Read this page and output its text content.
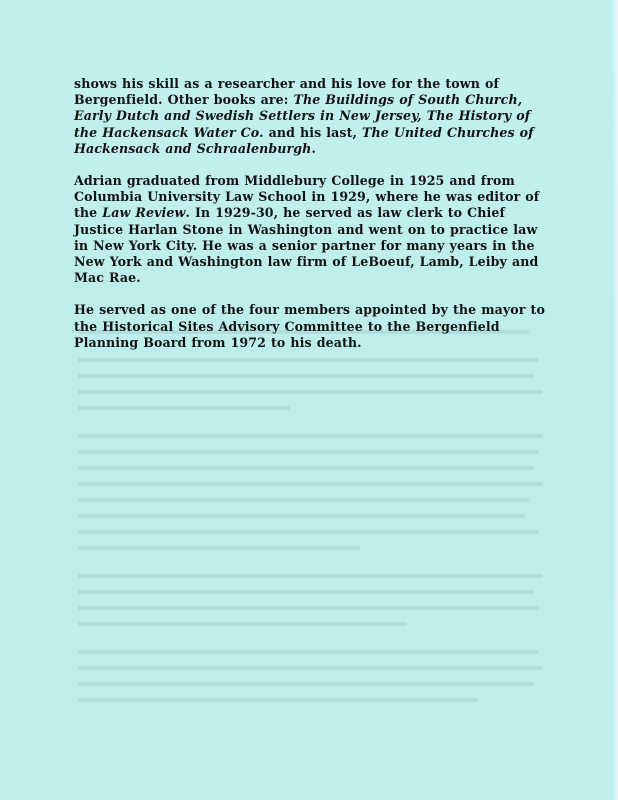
shows his skill as a researcher and his love for the town of Bergenfield. Other books are: The Buildings of South Church, Early Dutch and Swedish Settlers in New Jersey, The History of the Hackensack Water Co. and his last, The United Churches of Hackensack and Schraalenburgh.

Adrian graduated from Middlebury College in 1925 and from Columbia University Law School in 1929, where he was editor of the Law Review. In 1929-30, he served as law clerk to Chief Justice Harlan Stone in Washington and went on to practice law in New York City. He was a senior partner for many years in the New York and Washington law firm of LeBoeuf, Lamb, Leiby and Mac Rae.

He served as one of the four members appointed by the mayor to the Historical Sites Advisory Committee to the Bergenfield Planning Board from 1972 to his death.
